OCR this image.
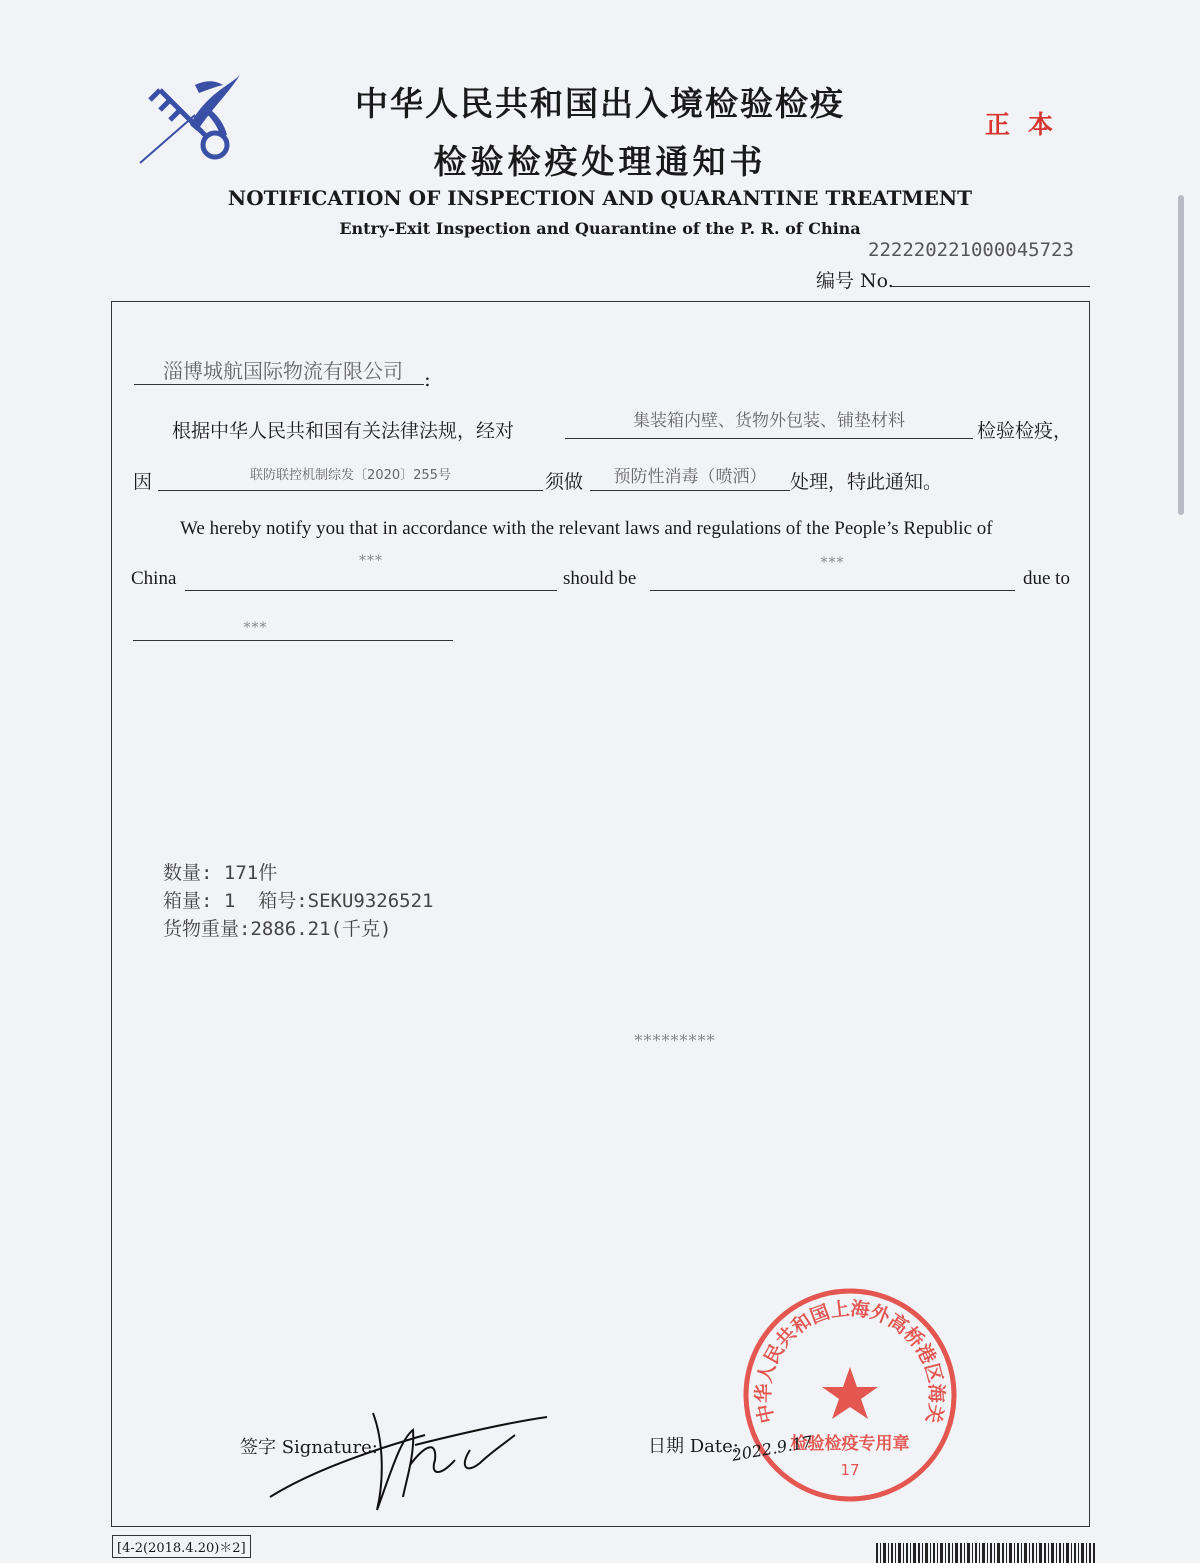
中华人民共和国出入境检验检疫
检验检疫处理通知书
正本
NOTIFICATION OF INSPECTION AND QUARANTINE TREATMENT
Entry-Exit Inspection and Quarantine of the P. R. of China
22222022100004572З
编号 No.
淄博城航国际物流有限公司 :
根据中华人民共和国有关法律法规，经对	集装箱内壁、货物外包装、铺垫材料	检验检疫，
因	联防联控机制综发〔2020〕255号	须做	预防性消毒（喷洒）	处理，特此通知。
We hereby notify you that in accordance with the relevant laws and regulations of the People’s Republic of
China
***
should be
***
due to
***
数量: 171件
箱量: 1  箱号:SEKU9326521
货物重量:2886.21(千克)
*********
中华人民共和国上海外高桥港区海关
检验检疫专用章
17
签字 Signature:	日期 Date:
2022.9.17
[4-2(2018.4.20)＊2]
